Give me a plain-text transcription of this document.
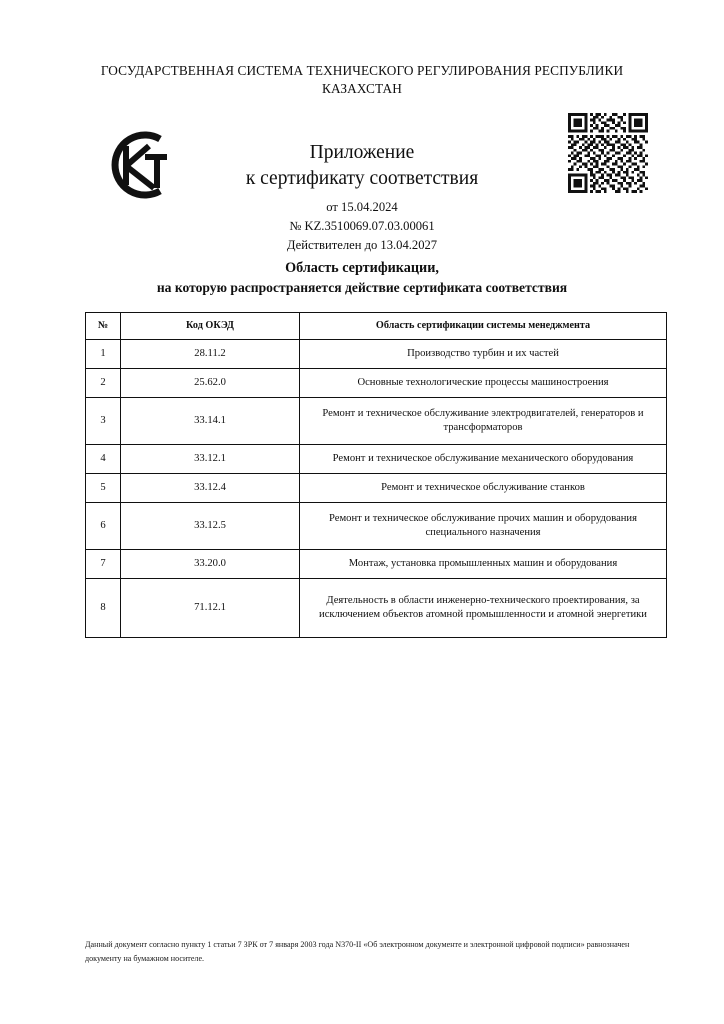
ГОСУДАРСТВЕННАЯ СИСТЕМА ТЕХНИЧЕСКОГО РЕГУЛИРОВАНИЯ РЕСПУБЛИКИ
КАЗАХСТАН
Приложение
к сертификату соответствия
от 15.04.2024
№ KZ.3510069.07.03.00061
Действителен до 13.04.2027
Область сертификации,
на которую распространяется действие сертификата соответствия
№	Код ОКЭД	Область сертификации системы менеджмента
1	28.11.2	Производство турбин и их частей
2	25.62.0	Основные технологические процессы машиностроения
3	33.14.1	Ремонт и техническое обслуживание электродвигателей, генераторов и трансформаторов
4	33.12.1	Ремонт и техническое обслуживание механического оборудования
5	33.12.4	Ремонт и техническое обслуживание станков
6	33.12.5	Ремонт и техническое обслуживание прочих машин и оборудования специального назначения
7	33.20.0	Монтаж, установка промышленных машин и оборудования
8	71.12.1	Деятельность в области инженерно-технического проектирования, за исключением объектов атомной промышленности и атомной энергетики
Данный документ согласно пункту 1 статьи 7 ЗРК от 7 января 2003 года N370-II «Об электронном документе и электронной цифровой подписи» равнозначен документу на бумажном носителе.
